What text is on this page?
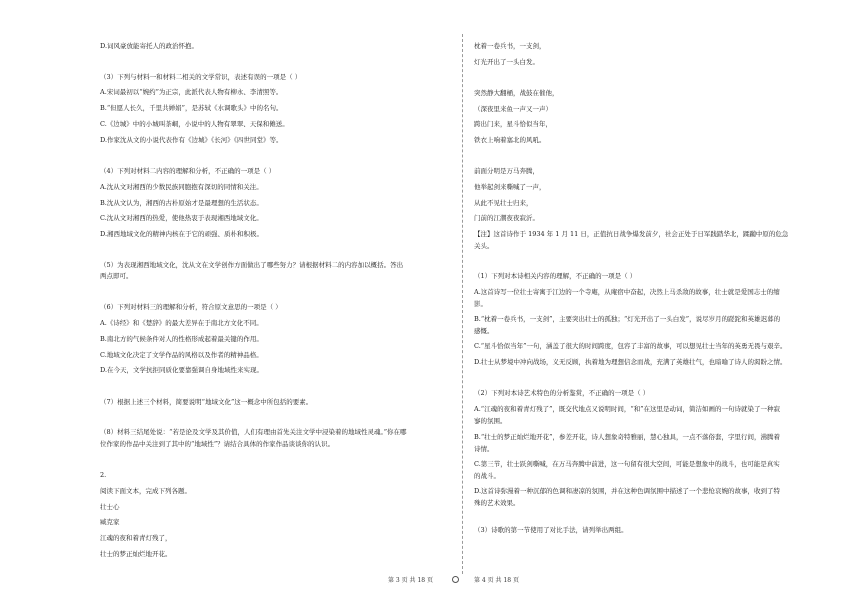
D.词风豪放能寄托人的政治怀抱。
（3）下列与材料一和材料二相关的文学常识，表述有误的一项是（ ）
A.宋词最初以“婉约”为正宗，此派代表人物有柳永、李清照等。
B.“但愿人长久，千里共婵娟”，是苏轼《水调歌头》中的名句。
C.《边城》中的小城叫茶峒，小说中的人物有翠翠、天保和傩送。
D.作家沈从文的小说代表作有《边城》《长河》《四世同堂》等。
（4）下列对材料二内容的理解和分析，不正确的一项是（ ）
A.沈从文对湘西的少数民族同胞抱有深切的同情和关注。
B.沈从文认为，湘西的古朴原始才是最理想的生活状态。
C.沈从文对湘西的热爱，使他热衷于表现湘西地域文化。
D.湘西地域文化的精神内核在于它的顽强、质朴和积极。
（5）为表现湘西地域文化，沈从文在文学创作方面做出了哪些努力？请根据材料二的内容加以概括。答出
两点即可。
（6）下列对材料三的理解和分析，符合原文意思的一项是（ ）
A.《诗经》和《楚辞》的最大差异在于南北方文化不同。
B.南北方的气候条件对人的性格形成起着最关键的作用。
C.地域文化决定了文学作品的风格以及作者的精神品格。
D.在今天，文学抗拒同质化要靠强调自身地域性来实现。
（7）根据上述三个材料，简要说明“地域文化”这一概念中所包括的要素。
（8）材料三结尾处说：“若是论及文学及其价值，人们有理由首先关注文学中浸染着的地域性灵魂。”你在哪
位作家的作品中关注到了其中的“地域性”？请结合具体的作家作品谈谈你的认识。
2.
阅读下面文本，完成下列各题。
壮士心
臧克家
江魂的夜和着青灯残了，
壮士的梦正灿烂地开花。
枕着一卷兵书，一支剑，
灯光开出了一头白发。
突然静大翻桶，战鼓在催他，
（深夜里来鱼一声又一声）
跨出门来，星斗恰似当年，
铁衣上响着塞北的风吼。
前面分明是万马奔腾，
他举起剑来嘶喊了一声，
从此不见壮士归来，
门前的江潮夜夜寂沂。
【注】这首诗作于 1934 年 1 月 11 日，正值抗日战争爆发前夕，社会正处于日军践踏华北，蹂躏中原的危急
关头。
（1）下列对本诗相关内容的理解，不正确的一项是（ ）
A.这首诗写一位壮士寄寓于江边的一个寺庵，从庵宿中奋起，决然上马杀敌的故事，壮士就是爱国志士的缩
影。
B.“枕着一卷兵书，一支剑”，主要突出壮士的孤独；“灯光开出了一头白发”，说尽岁月的蹉跎和英雄迟暮的
感慨。
C.“星斗恰似当年”一句，涵盖了很大的时间跨度，包容了丰富的故事，可以想见壮士当年的英勇无畏与艰辛。
D.壮士从梦境中冲向战场，义无反顾，执着地为理想信念而战，充满了英雄壮气，也暗喻了诗人的渴盼之情。
（2）下列对本诗艺术特色的分析鉴赏，不正确的一项是（ ）
A.“江魂的夜和着青灯残了”，既交代地点又说明时间，“和”在这里是动词，简洁如画的一句诗就染了一种寂
寥的氛围。
B.“壮士的梦正灿烂地开花”，参差开花，诗人想象奇特雅丽，慧心独具，一点不落俗套，字里行间，沸腾着
诗情。
C.第三节，壮士跃剑嘶喊，在万马奔腾中前进，这一句留有很大空间，可能是想象中的战斗，也可能是真实
的战斗。
D.这首诗弥漫着一种沉郁的色调和凄凉的氛围，并在这种色调氛围中描述了一个悲怆哀婉的故事，收到了特
殊的艺术效果。
（3）诗歌的第一节使用了对比手法，请列举出两组。
第 3 页 共 18 页	第 4 页 共 18 页
